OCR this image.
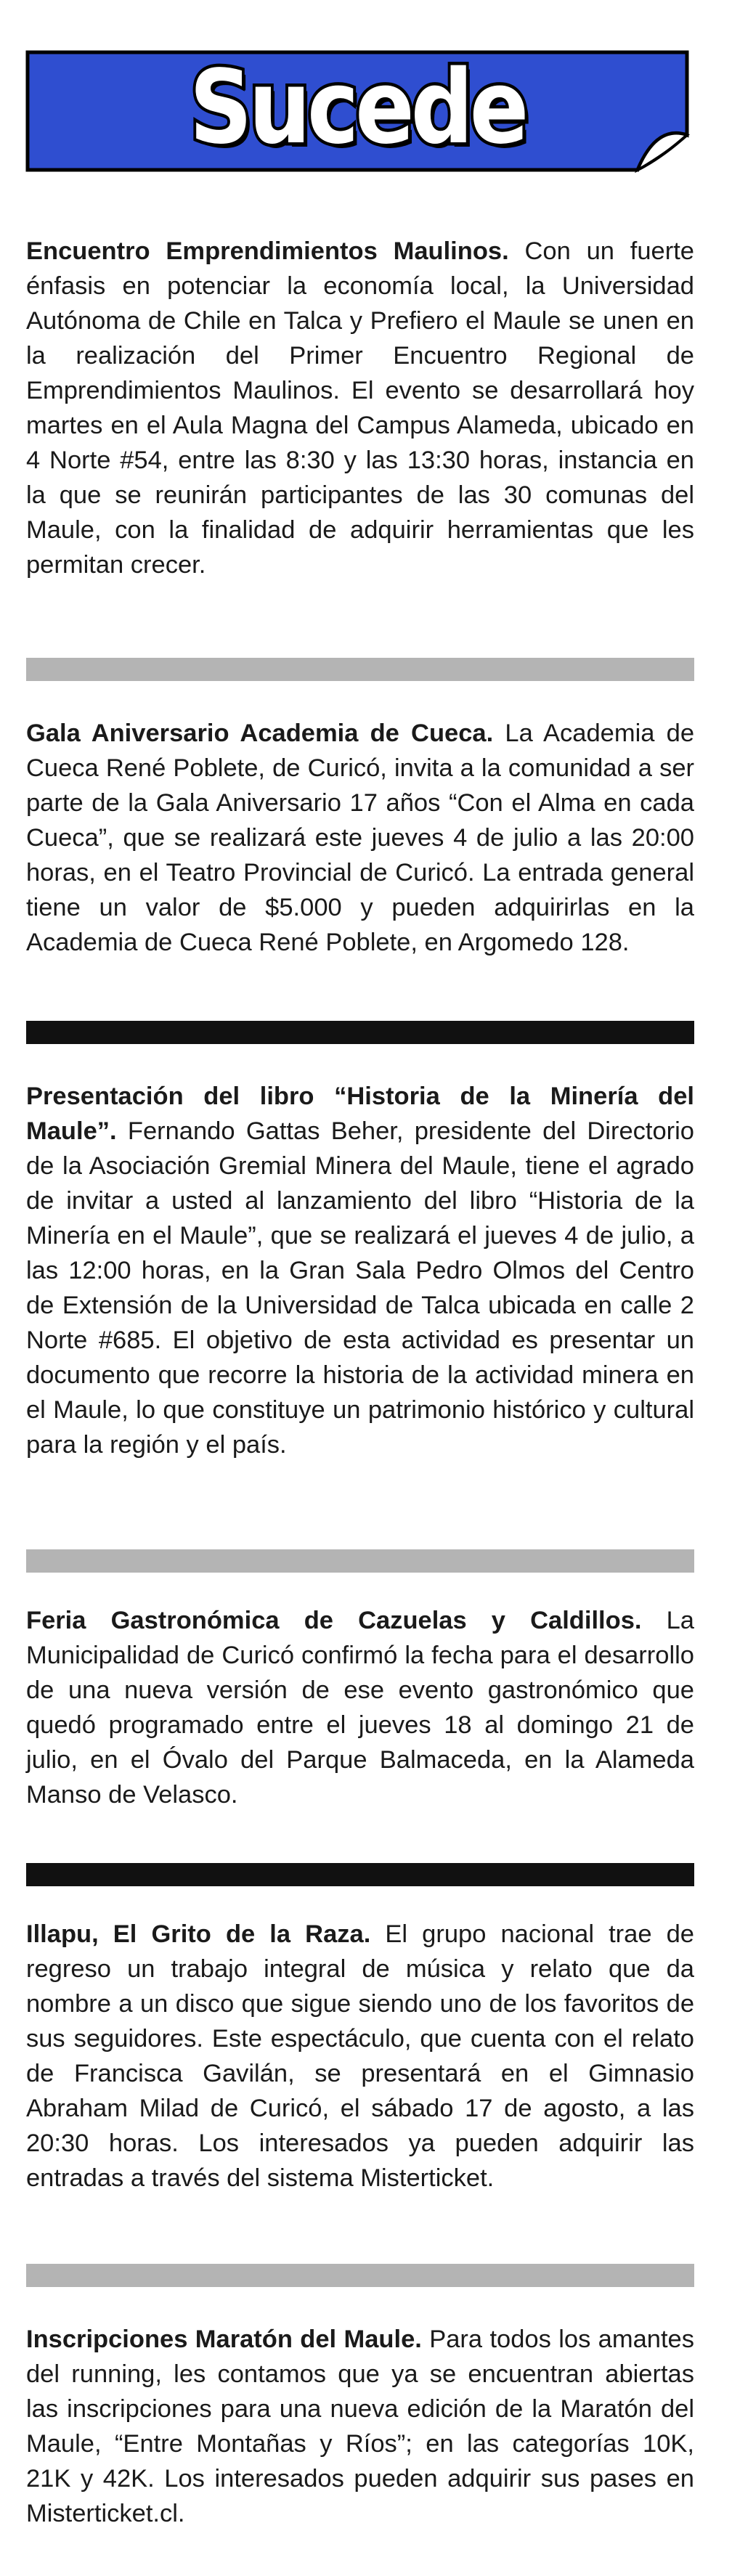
Sucede
Encuentro Emprendimientos Maulinos. Con un fuerte énfasis en potenciar la economía local, la Universidad Autónoma de Chile en Talca y Prefiero el Maule se unen en la realización del Primer Encuentro Regional de Emprendimientos Maulinos. El evento se desarrollará hoy martes en el Aula Magna del Campus Alameda, ubicado en 4 Norte #54, entre las 8:30 y las 13:30 horas, instancia en la que se reunirán participantes de las 30 comunas del Maule, con la finalidad de adquirir herramientas que les permitan crecer.
Gala Aniversario Academia de Cueca. La Academia de Cueca René Poblete, de Curicó, invita a la comunidad a ser parte de la Gala Aniversario 17 años “Con el Alma en cada Cueca”, que se realizará este jueves 4 de julio a las 20:00 horas, en el Teatro Provincial de Curicó. La entrada general tiene un valor de $5.000 y pueden adquirirlas en la Academia de Cueca René Poblete, en Argomedo 128.
Presentación del libro “Historia de la Minería del Maule”. Fernando Gattas Beher, presidente del Directorio de la Asociación Gremial Minera del Maule, tiene el agrado de invitar a usted al lanzamiento del libro “Historia de la Minería en el Maule”, que se realizará el jueves 4 de julio, a las 12:00 horas, en la Gran Sala Pedro Olmos del Centro de Extensión de la Universidad de Talca ubicada en calle 2 Norte #685. El objetivo de esta actividad es presentar un documento que recorre la historia de la actividad minera en el Maule, lo que constituye un patrimonio histórico y cultural para la región y el país.
Feria Gastronómica de Cazuelas y Caldillos. La Municipalidad de Curicó confirmó la fecha para el desarrollo de una nueva versión de ese evento gastronómico que quedó programado entre el jueves 18 al domingo 21 de julio, en el Óvalo del Parque Balmaceda, en la Alameda Manso de Velasco.
Illapu, El Grito de la Raza. El grupo nacional trae de regreso un trabajo integral de música y relato que da nombre a un disco que sigue siendo uno de los favoritos de sus seguidores. Este espectáculo, que cuenta con el relato de Francisca Gavilán, se presentará en el Gimnasio Abraham Milad de Curicó, el sábado 17 de agosto, a las 20:30 horas. Los interesados ya pueden adquirir las entradas a través del sistema Misterticket.
Inscripciones Maratón del Maule. Para todos los amantes del running, les contamos que ya se encuentran abiertas las inscripciones para una nueva edición de la Maratón del Maule, “Entre Montañas y Ríos”; en las categorías 10K, 21K y 42K. Los interesados pueden adquirir sus pases en Misterticket.cl.
